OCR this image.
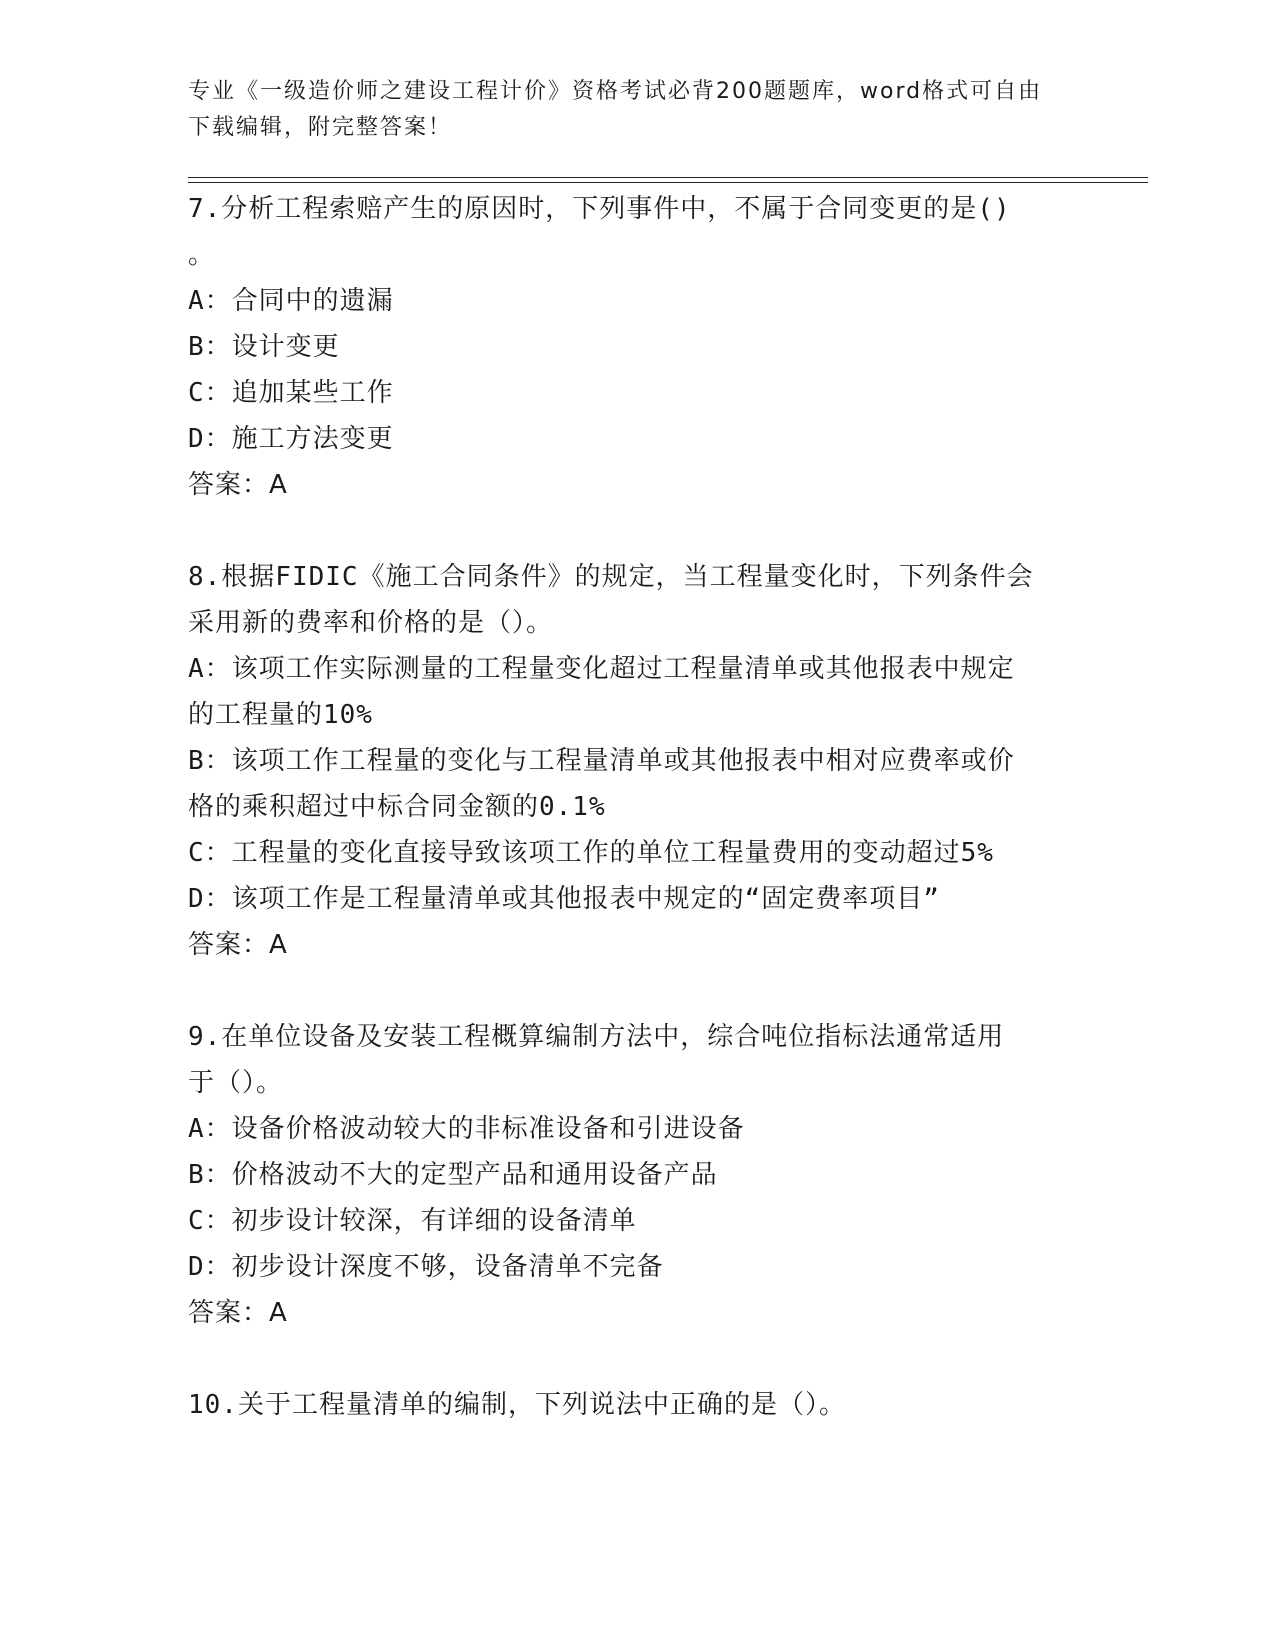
专业《一级造价师之建设工程计价》资格考试必背200题题库，word格式可自由
下载编辑，附完整答案！
7.分析工程索赔产生的原因时，下列事件中，不属于合同变更的是()
。
A：合同中的遗漏
B：设计变更
C：追加某些工作
D：施工方法变更
答案：A
8.根据FIDIC《施工合同条件》的规定，当工程量变化时，下列条件会
采用新的费率和价格的是（）。
A：该项工作实际测量的工程量变化超过工程量清单或其他报表中规定
的工程量的10%
B：该项工作工程量的变化与工程量清单或其他报表中相对应费率或价
格的乘积超过中标合同金额的0.1%
C：工程量的变化直接导致该项工作的单位工程量费用的变动超过5%
D：该项工作是工程量清单或其他报表中规定的“固定费率项目”
答案：A
9.在单位设备及安装工程概算编制方法中，综合吨位指标法通常适用
于（）。
A：设备价格波动较大的非标准设备和引进设备
B：价格波动不大的定型产品和通用设备产品
C：初步设计较深，有详细的设备清单
D：初步设计深度不够，设备清单不完备
答案：A
10.关于工程量清单的编制，下列说法中正确的是（）。
